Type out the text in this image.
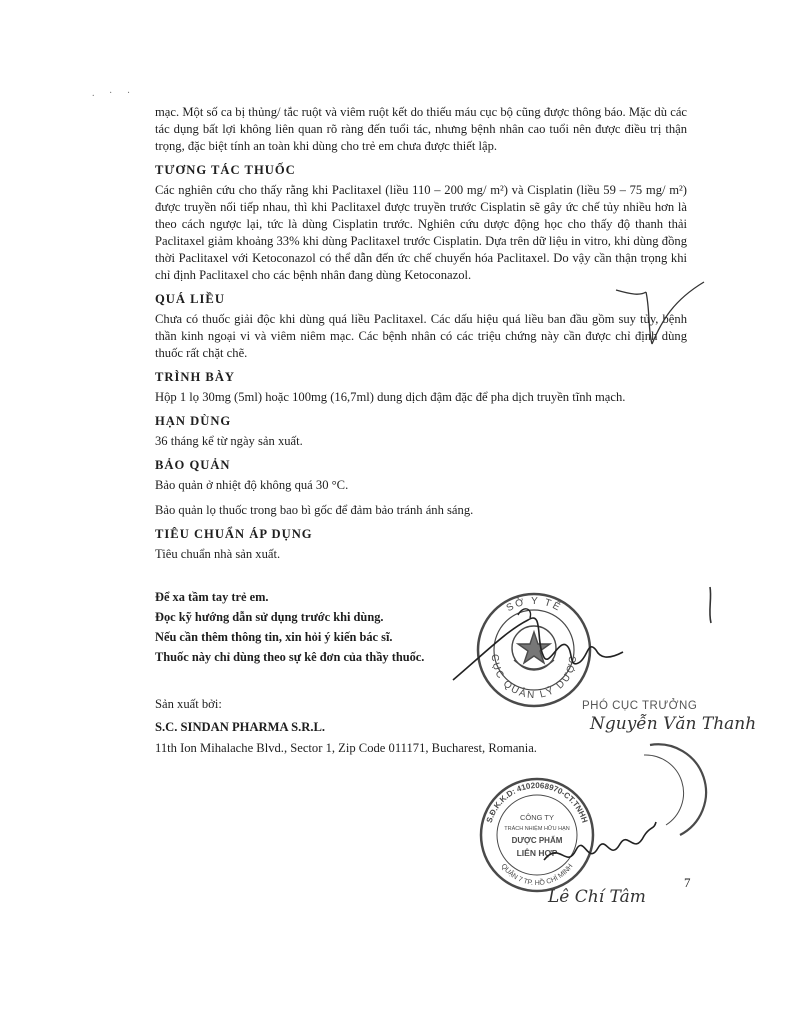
. · ·

mạc. Một số ca bị thủng/ tắc ruột và viêm ruột kết do thiếu máu cục bộ cũng được thông báo. Mặc dù các tác dụng bất lợi không liên quan rõ ràng đến tuổi tác, nhưng bệnh nhân cao tuổi nên được điều trị thận trọng, đặc biệt tính an toàn khi dùng cho trẻ em chưa được thiết lập.

TƯƠNG TÁC THUỐC

Các nghiên cứu cho thấy rằng khi Paclitaxel (liều 110 – 200 mg/ m²) và Cisplatin (liều 59 – 75 mg/ m²) được truyền nối tiếp nhau, thì khi Paclitaxel được truyền trước Cisplatin sẽ gây ức chế tủy nhiều hơn là theo cách ngược lại, tức là dùng Cisplatin trước. Nghiên cứu dược động học cho thấy độ thanh thải Paclitaxel giảm khoảng 33% khi dùng Paclitaxel trước Cisplatin. Dựa trên dữ liệu in vitro, khi dùng đồng thời Paclitaxel với Ketoconazol có thể dẫn đến ức chế chuyển hóa Paclitaxel. Do vậy cần thận trọng khi chỉ định Paclitaxel cho các bệnh nhân đang dùng Ketoconazol.

QUÁ LIỀU

Chưa có thuốc giải độc khi dùng quá liều Paclitaxel. Các dấu hiệu quá liều ban đầu gồm suy tủy, bệnh thần kinh ngoại vi và viêm niêm mạc. Các bệnh nhân có các triệu chứng này cần được chỉ định dùng thuốc rất chặt chẽ.

TRÌNH BÀY

Hộp 1 lọ 30mg (5ml) hoặc 100mg (16,7ml) dung dịch đậm đặc để pha dịch truyền tĩnh mạch.

HẠN DÙNG

36 tháng kể từ ngày sản xuất.

BẢO QUẢN

Bảo quản ở nhiệt độ không quá 30 °C.

Bảo quản lọ thuốc trong bao bì gốc để đảm bảo tránh ánh sáng.

TIÊU CHUẨN ÁP DỤNG

Tiêu chuẩn nhà sản xuất.

Để xa tầm tay trẻ em.

Đọc kỹ hướng dẫn sử dụng trước khi dùng.

Nếu cần thêm thông tin, xin hỏi ý kiến bác sĩ.

Thuốc này chỉ dùng theo sự kê đơn của thầy thuốc.

Sản xuất bởi:

S.C. SINDAN PHARMA S.R.L.

11th Ion Mihalache Blvd., Sector 1, Zip Code 011171, Bucharest, Romania.

SỞ Y TẾ
CỤC QUẢN LÝ DƯỢC
PHÓ CỤC TRƯỞNG
Nguyễn Văn Thanh
S.Đ.K.K.D: 4102068970-CT.TNHH
QUẬN 7 TP. HỒ CHÍ MINH
CÔNG TY
TRÁCH NHIỆM HỮU HẠN
DƯỢC PHẨM
LIÊN HỢP
Lê Chí Tâm
7
